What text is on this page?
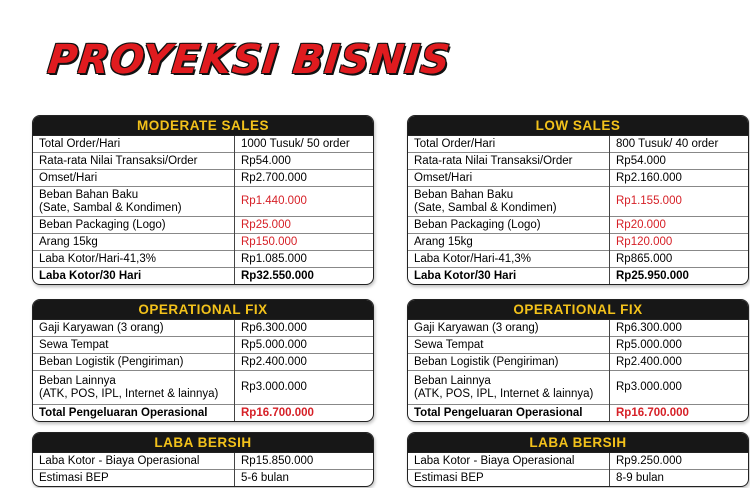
PROYEKSI BISNIS
MODERATE SALES
Total Order/Hari	1000 Tusuk/ 50 order
Rata-rata Nilai Transaksi/Order	Rp54.000
Omset/Hari	Rp2.700.000
Beban Bahan Baku
(Sate, Sambal & Kondimen)	Rp1.440.000
Beban Packaging (Logo)	Rp25.000
Arang 15kg	Rp150.000
Laba Kotor/Hari-41,3%	Rp1.085.000
Laba Kotor/30 Hari	Rp32.550.000
LOW SALES
Total Order/Hari	800 Tusuk/ 40 order
Rata-rata Nilai Transaksi/Order	Rp54.000
Omset/Hari	Rp2.160.000
Beban Bahan Baku
(Sate, Sambal & Kondimen)	Rp1.155.000
Beban Packaging (Logo)	Rp20.000
Arang 15kg	Rp120.000
Laba Kotor/Hari-41,3%	Rp865.000
Laba Kotor/30 Hari	Rp25.950.000
OPERATIONAL FIX
Gaji Karyawan (3 orang)	Rp6.300.000
Sewa Tempat	Rp5.000.000
Beban Logistik (Pengiriman)	Rp2.400.000
Beban Lainnya
(ATK, POS, IPL, Internet & lainnya)	Rp3.000.000
Total Pengeluaran Operasional	Rp16.700.000
OPERATIONAL FIX
Gaji Karyawan (3 orang)	Rp6.300.000
Sewa Tempat	Rp5.000.000
Beban Logistik (Pengiriman)	Rp2.400.000
Beban Lainnya
(ATK, POS, IPL, Internet & lainnya)	Rp3.000.000
Total Pengeluaran Operasional	Rp16.700.000
LABA BERSIH
Laba Kotor - Biaya Operasional	Rp15.850.000
Estimasi BEP	5-6 bulan
LABA BERSIH
Laba Kotor - Biaya Operasional	Rp9.250.000
Estimasi BEP	8-9 bulan
